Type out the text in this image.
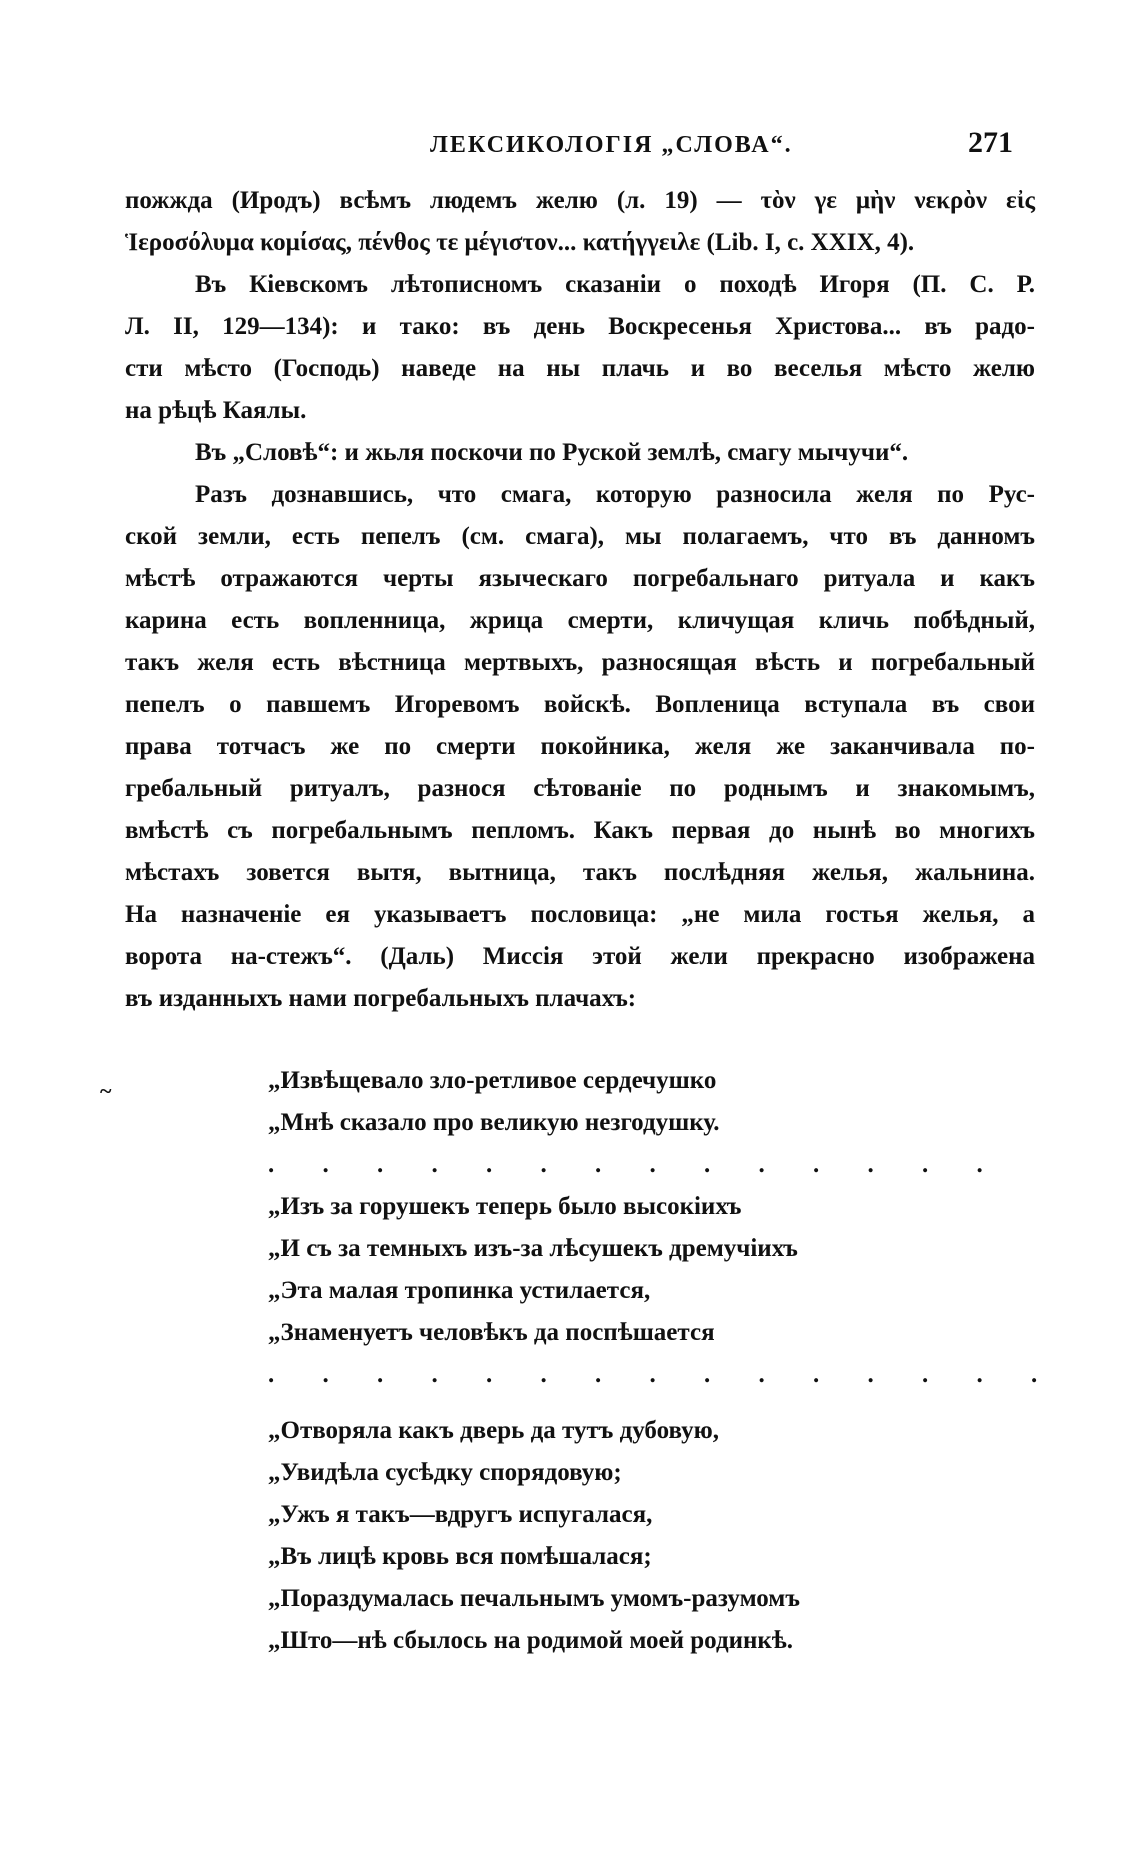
ЛЕКСИКОЛОГІЯ „СЛОВА“.	271
пожжда (Иродъ) всѣмъ людемъ желю (л. 19) — τὸν γε μὴν νεκρὸν εἰς
Ἱεροσόλυμα κομίσας, πένθος τε μέγιστον... κατήγγειλε (Lib. I, c. XXIX, 4).
Въ Кіевскомъ лѣтописномъ сказаніи о походѣ Игоря (П. С. Р.
Л. II, 129—134): и тако: въ день Воскресенья Христова... въ радо-
сти мѣсто (Господь) наведе на ны плачь и во веселья мѣсто желю
на рѣцѣ Каялы.
Въ „Словѣ“: и жьля поскочи по Руской землѣ, смагу мычучи“.
Разъ дознавшись, что смага, которую разносила желя по Рус-
ской земли, есть пепелъ (см. смага), мы полагаемъ, что въ данномъ
мѣстѣ отражаются черты языческаго погребальнаго ритуала и какъ
карина есть вопленница, жрица смерти, кличущая кличь побѣдный,
такъ желя есть вѣстница мертвыхъ, разносящая вѣсть и погребальный
пепелъ о павшемъ Игоревомъ войскѣ. Вопленица вступала въ свои
права тотчасъ же по смерти покойника, желя же заканчивала по-
гребальный ритуалъ, разнося сѣтованіе по роднымъ и знакомымъ,
вмѣстѣ съ погребальнымъ пепломъ. Какъ первая до нынѣ во многихъ
мѣстахъ зовется вытя, вытница, такъ послѣдняя желья, жальнина.
На назначеніе ея указываетъ пословица: „не мила гостья желья, а
ворота на-стежъ“. (Даль) Миссія этой жели прекрасно изображена
въ изданныхъ нами погребальныхъ плачахъ:
~	„Извѣщевало зло-ретливое сердечушко
„Мнѣ сказало про великую незгодушку.
. . . . . . . . . . . . . .
„Изъ за горушекъ теперь было высокіихъ
„И съ за темныхъ изъ-за лѣсушекъ дремучіихъ
„Эта малая тропинка устилается,
„Знаменуетъ человѣкъ да поспѣшается
. . . . . . . . . . . . . . .
„Отворяла какъ дверь да тутъ дубовую,
„Увидѣла сусѣдку спорядовую;
„Ужъ я такъ—вдругъ испугалася,
„Въ лицѣ кровь вся помѣшалася;
„Пораздумалась печальнымъ умомъ-разумомъ
„Што—нѣ сбылось на родимой моей родинкѣ.
